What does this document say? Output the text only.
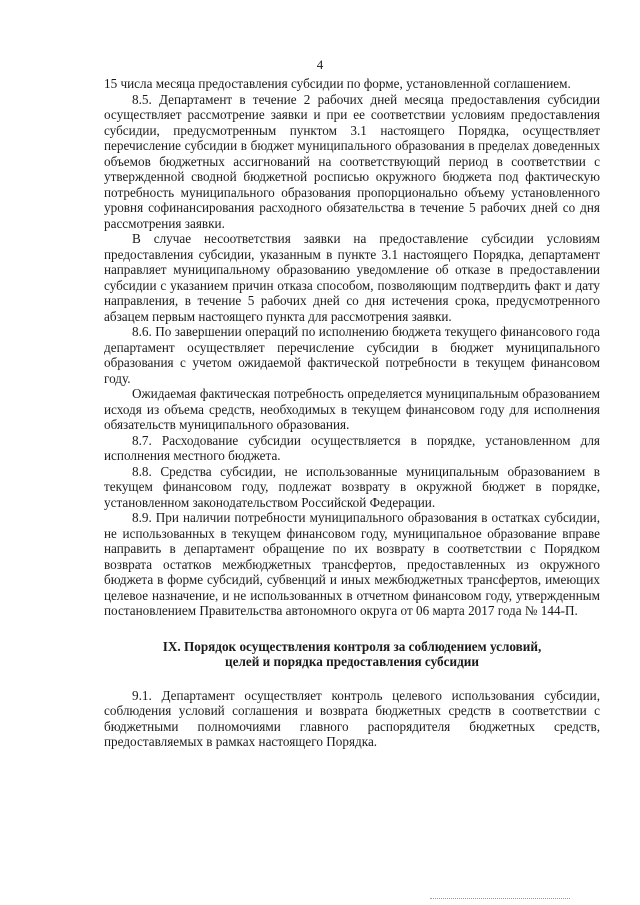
4

15 числа месяца предоставления субсидии по форме, установленной соглашением.

8.5. Департамент в течение 2 рабочих дней месяца предоставления субсидии осуществляет рассмотрение заявки и при ее соответствии условиям предоставления субсидии, предусмотренным пунктом 3.1 настоящего Порядка, осуществляет перечисление субсидии в бюджет муниципального образования в пределах доведенных объемов бюджетных ассигнований на соответствующий период в соответствии с утвержденной сводной бюджетной росписью окружного бюджета под фактическую потребность муниципального образования пропорционально объему установленного уровня софинансирования расходного обязательства в течение 5 рабочих дней со дня рассмотрения заявки.

В случае несоответствия заявки на предоставление субсидии условиям предоставления субсидии, указанным в пункте 3.1 настоящего Порядка, департамент направляет муниципальному образованию уведомление об отказе в предоставлении субсидии с указанием причин отказа способом, позволяющим подтвердить факт и дату направления, в течение 5 рабочих дней со дня истечения срока, предусмотренного абзацем первым настоящего пункта для рассмотрения заявки.

8.6. По завершении операций по исполнению бюджета текущего финансового года департамент осуществляет перечисление субсидии в бюджет муниципального образования с учетом ожидаемой фактической потребности в текущем финансовом году.

Ожидаемая фактическая потребность определяется муниципальным образованием исходя из объема средств, необходимых в текущем финансовом году для исполнения обязательств муниципального образования.

8.7. Расходование субсидии осуществляется в порядке, установленном для исполнения местного бюджета.

8.8. Средства субсидии, не использованные муниципальным образованием в текущем финансовом году, подлежат возврату в окружной бюджет в порядке, установленном законодательством Российской Федерации.

8.9. При наличии потребности муниципального образования в остатках субсидии, не использованных в текущем финансовом году, муниципальное образование вправе направить в департамент обращение по их возврату в соответствии с Порядком возврата остатков межбюджетных трансфертов, предоставленных из окружного бюджета в форме субсидий, субвенций и иных межбюджетных трансфертов, имеющих целевое назначение, и не использованных в отчетном финансовом году, утвержденным постановлением Правительства автономного округа от 06 марта 2017 года № 144-П.

IX. Порядок осуществления контроля за соблюдением условий,
целей и порядка предоставления субсидии

9.1. Департамент осуществляет контроль целевого использования субсидии, соблюдения условий соглашения и возврата бюджетных средств в соответствии с бюджетными полномочиями главного распорядителя бюджетных средств, предоставляемых в рамках настоящего Порядка.
